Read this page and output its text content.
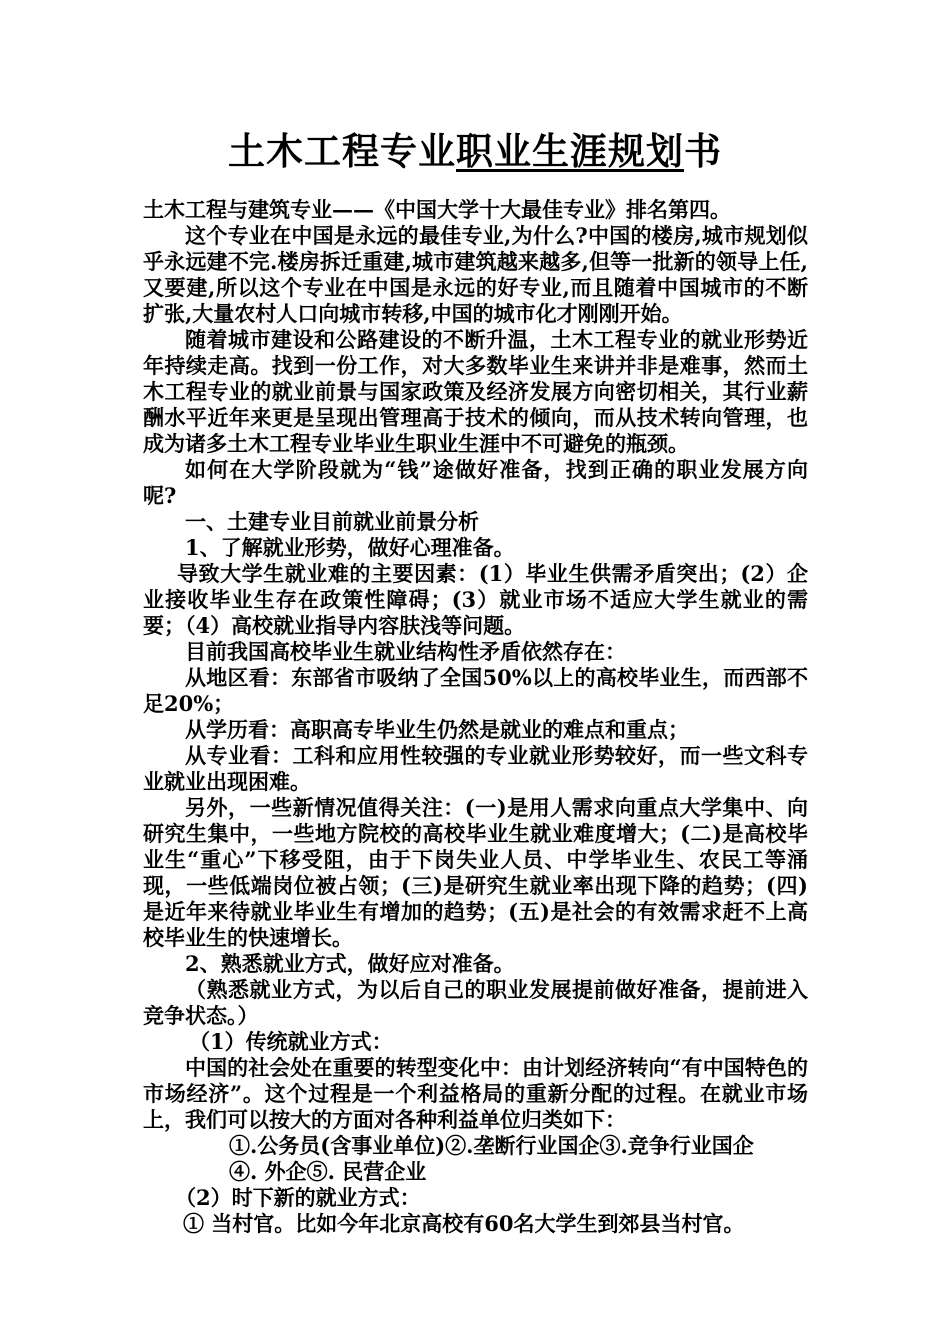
土木工程专业职业生涯规划书

土木工程与建筑专业——《中国大学十大最佳专业》排名第四。

这个专业在中国是永远的最佳专业,为什么?中国的楼房,城市规划似乎永远建不完.楼房拆迁重建,城市建筑越来越多,但等一批新的领导上任,又要建,所以这个专业在中国是永远的好专业,而且随着中国城市的不断扩张,大量农村人口向城市转移,中国的城市化才刚刚开始。

随着城市建设和公路建设的不断升温，土木工程专业的就业形势近年持续走高。找到一份工作，对大多数毕业生来讲并非是难事，然而土木工程专业的就业前景与国家政策及经济发展方向密切相关，其行业薪酬水平近年来更是呈现出管理高于技术的倾向，而从技术转向管理，也成为诸多土木工程专业毕业生职业生涯中不可避免的瓶颈。

如何在大学阶段就为“钱”途做好准备，找到正确的职业发展方向呢?

一、土建专业目前就业前景分析

1、了解就业形势，做好心理准备。

导致大学生就业难的主要因素：(1）毕业生供需矛盾突出；(2）企业接收毕业生存在政策性障碍；(3）就业市场不适应大学生就业的需要；（4）高校就业指导内容肤浅等问题。

目前我国高校毕业生就业结构性矛盾依然存在：

从地区看：东部省市吸纳了全国50%以上的高校毕业生，而西部不足20%；

从学历看：高职高专毕业生仍然是就业的难点和重点；

从专业看：工科和应用性较强的专业就业形势较好，而一些文科专业就业出现困难。

另外，一些新情况值得关注：(一)是用人需求向重点大学集中、向研究生集中，一些地方院校的高校毕业生就业难度增大；(二)是高校毕业生“重心”下移受阻，由于下岗失业人员、中学毕业生、农民工等涌现，一些低端岗位被占领；(三)是研究生就业率出现下降的趋势；(四)是近年来待就业毕业生有增加的趋势；(五)是社会的有效需求赶不上高校毕业生的快速增长。

2、熟悉就业方式，做好应对准备。

（熟悉就业方式，为以后自己的职业发展提前做好准备，提前进入竞争状态。）

（1）传统就业方式：

中国的社会处在重要的转型变化中：由计划经济转向“有中国特色的市场经济”。这个过程是一个利益格局的重新分配的过程。在就业市场上，我们可以按大的方面对各种利益单位归类如下：

①.公务员(含事业单位)②.垄断行业国企③.竞争行业国企

④. 外企⑤. 民营企业

（2）时下新的就业方式：

① 当村官。比如今年北京高校有60名大学生到郊县当村官。
